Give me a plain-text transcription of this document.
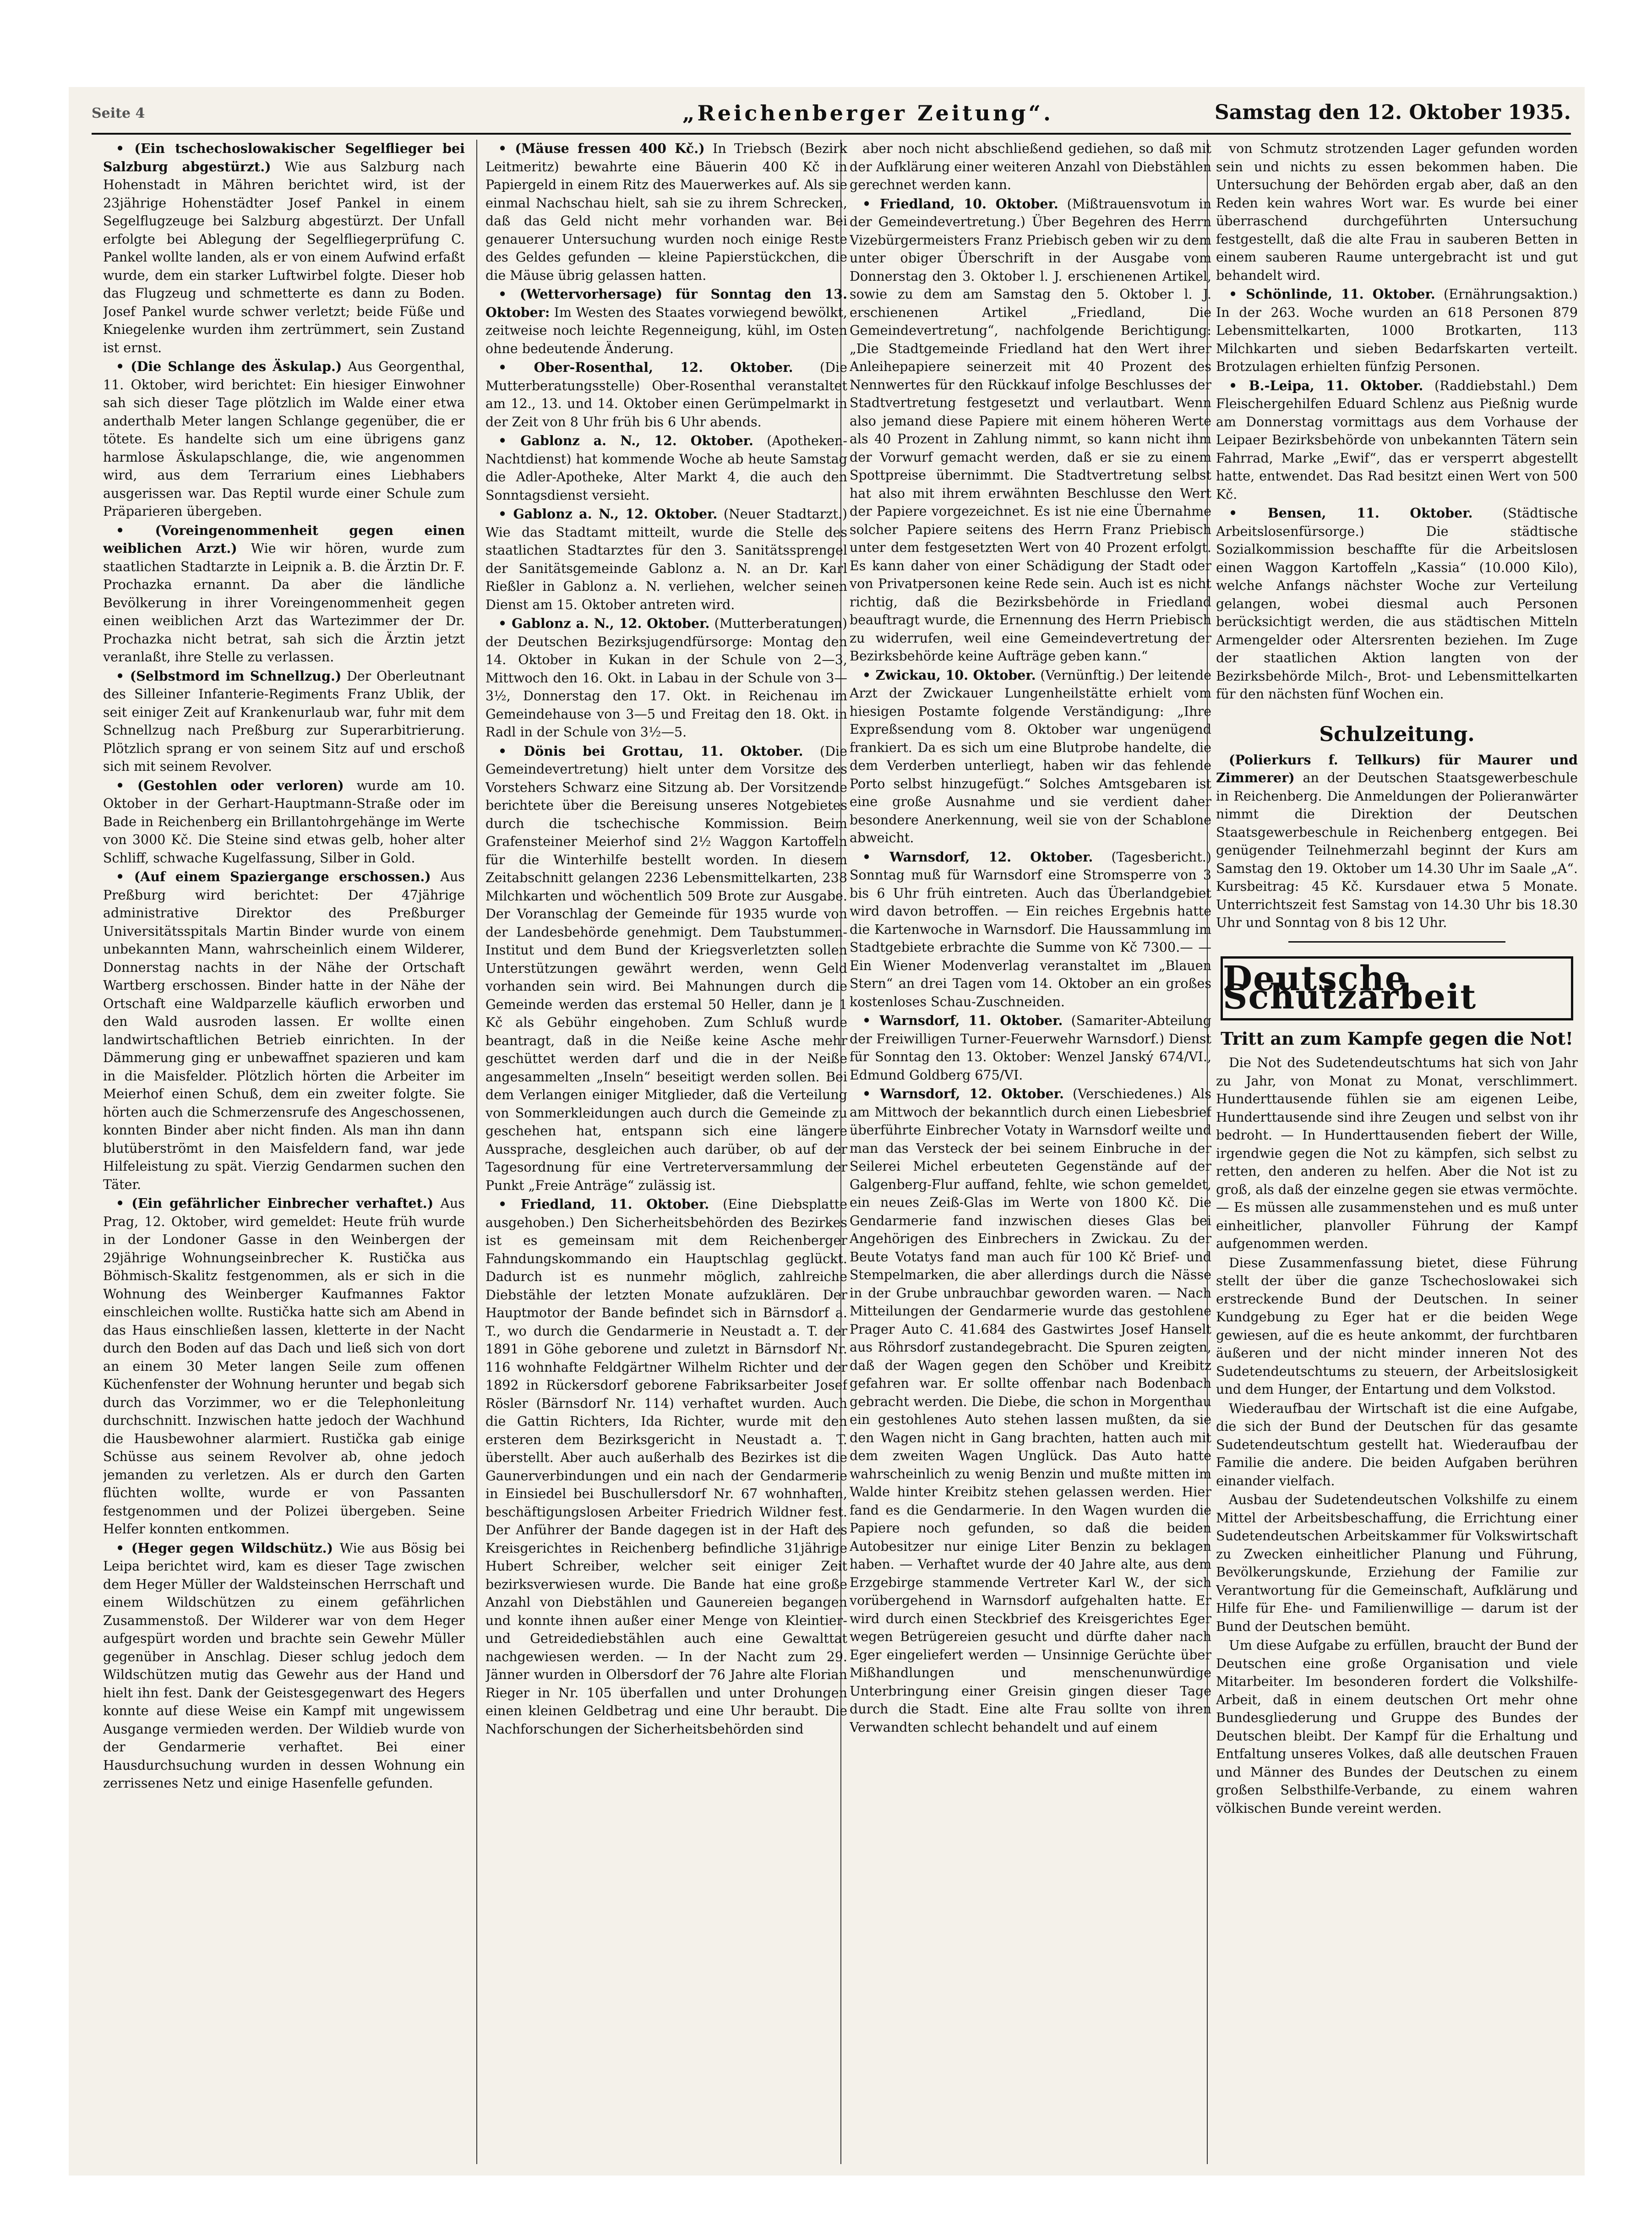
Seite 4	„Reichenberger Zeitung“.	Samstag den 12. Oktober 1935.

• (Ein tschechoslowakischer Segelflieger bei Salzburg abgestürzt.) Wie aus Salzburg nach Hohenstadt in Mähren berichtet wird, ist der 23jährige Hohenstädter Josef Pankel in einem Segelflugzeuge bei Salzburg abgestürzt. Der Unfall erfolgte bei Ablegung der Segelfliegerprüfung C. Pankel wollte landen, als er von einem Aufwind erfaßt wurde, dem ein starker Luftwirbel folgte. Dieser hob das Flugzeug und schmetterte es dann zu Boden. Josef Pankel wurde schwer verletzt; beide Füße und Kniegelenke wurden ihm zertrümmert, sein Zustand ist ernst.

• (Die Schlange des Äskulap.) Aus Georgenthal, 11. Oktober, wird berichtet: Ein hiesiger Einwohner sah sich dieser Tage plötzlich im Walde einer etwa anderthalb Meter langen Schlange gegenüber, die er tötete. Es handelte sich um eine übrigens ganz harmlose Äskulapschlange, die, wie angenommen wird, aus dem Terrarium eines Liebhabers ausgerissen war. Das Reptil wurde einer Schule zum Präparieren übergeben.

• (Voreingenommenheit gegen einen weiblichen Arzt.) Wie wir hören, wurde zum staatlichen Stadtarzte in Leipnik a. B. die Ärztin Dr. F. Prochazka ernannt. Da aber die ländliche Bevölkerung in ihrer Voreingenommenheit gegen einen weiblichen Arzt das Wartezimmer der Dr. Prochazka nicht betrat, sah sich die Ärztin jetzt veranlaßt, ihre Stelle zu verlassen.

• (Selbstmord im Schnellzug.) Der Oberleutnant des Silleiner Infanterie-Regiments Franz Ublik, der seit einiger Zeit auf Krankenurlaub war, fuhr mit dem Schnellzug nach Preßburg zur Superarbitrierung. Plötzlich sprang er von seinem Sitz auf und erschoß sich mit seinem Revolver.

• (Gestohlen oder verloren) wurde am 10. Oktober in der Gerhart-Hauptmann-Straße oder im Bade in Reichenberg ein Brillantohrgehänge im Werte von 3000 Kč. Die Steine sind etwas gelb, hoher alter Schliff, schwache Kugelfassung, Silber in Gold.

• (Auf einem Spaziergange erschossen.) Aus Preßburg wird berichtet: Der 47jährige administrative Direktor des Preßburger Universitätsspitals Martin Binder wurde von einem unbekannten Mann, wahrscheinlich einem Wilderer, Donnerstag nachts in der Nähe der Ortschaft Wartberg erschossen. Binder hatte in der Nähe der Ortschaft eine Waldparzelle käuflich erworben und den Wald ausroden lassen. Er wollte einen landwirtschaftlichen Betrieb einrichten. In der Dämmerung ging er unbewaffnet spazieren und kam in die Maisfelder. Plötzlich hörten die Arbeiter im Meierhof einen Schuß, dem ein zweiter folgte. Sie hörten auch die Schmerzensrufe des Angeschossenen, konnten Binder aber nicht finden. Als man ihn dann blutüberströmt in den Maisfeldern fand, war jede Hilfeleistung zu spät. Vierzig Gendarmen suchen den Täter.

• (Ein gefährlicher Einbrecher verhaftet.) Aus Prag, 12. Oktober, wird gemeldet: Heute früh wurde in der Londoner Gasse in den Weinbergen der 29jährige Wohnungseinbrecher K. Rustička aus Böhmisch-Skalitz festgenommen, als er sich in die Wohnung des Weinberger Kaufmannes Faktor einschleichen wollte. Rustička hatte sich am Abend in das Haus einschließen lassen, kletterte in der Nacht durch den Boden auf das Dach und ließ sich von dort an einem 30 Meter langen Seile zum offenen Küchenfenster der Wohnung herunter und begab sich durch das Vorzimmer, wo er die Telephonleitung durchschnitt. Inzwischen hatte jedoch der Wachhund die Hausbewohner alarmiert. Rustička gab einige Schüsse aus seinem Revolver ab, ohne jedoch jemanden zu verletzen. Als er durch den Garten flüchten wollte, wurde er von Passanten festgenommen und der Polizei übergeben. Seine Helfer konnten entkommen.

• (Heger gegen Wildschütz.) Wie aus Bösig bei Leipa berichtet wird, kam es dieser Tage zwischen dem Heger Müller der Waldsteinschen Herrschaft und einem Wildschützen zu einem gefährlichen Zusammenstoß. Der Wilderer war von dem Heger aufgespürt worden und brachte sein Gewehr Müller gegenüber in Anschlag. Dieser schlug jedoch dem Wildschützen mutig das Gewehr aus der Hand und hielt ihn fest. Dank der Geistesgegenwart des Hegers konnte auf diese Weise ein Kampf mit ungewissem Ausgange vermieden werden. Der Wildieb wurde von der Gendarmerie verhaftet. Bei einer Hausdurchsuchung wurden in dessen Wohnung ein zerrissenes Netz und einige Hasenfelle gefunden.

• (Mäuse fressen 400 Kč.) In Triebsch (Bezirk Leitmeritz) bewahrte eine Bäuerin 400 Kč in Papiergeld in einem Ritz des Mauerwerkes auf. Als sie einmal Nachschau hielt, sah sie zu ihrem Schrecken, daß das Geld nicht mehr vorhanden war. Bei genauerer Untersuchung wurden noch einige Reste des Geldes gefunden — kleine Papierstückchen, die die Mäuse übrig gelassen hatten.

• (Wettervorhersage) für Sonntag den 13. Oktober: Im Westen des Staates vorwiegend bewölkt, zeitweise noch leichte Regenneigung, kühl, im Osten ohne bedeutende Änderung.

• Ober-Rosenthal, 12. Oktober. (Die Mutterberatungsstelle) Ober-Rosenthal veranstaltet am 12., 13. und 14. Oktober einen Gerümpelmarkt in der Zeit von 8 Uhr früh bis 6 Uhr abends.

• Gablonz a. N., 12. Oktober. (Apotheken-Nachtdienst) hat kommende Woche ab heute Samstag die Adler-Apotheke, Alter Markt 4, die auch den Sonntagsdienst versieht.

• Gablonz a. N., 12. Oktober. (Neuer Stadtarzt.) Wie das Stadtamt mitteilt, wurde die Stelle des staatlichen Stadtarztes für den 3. Sanitätssprengel der Sanitätsgemeinde Gablonz a. N. an Dr. Karl Rießler in Gablonz a. N. verliehen, welcher seinen Dienst am 15. Oktober antreten wird.

• Gablonz a. N., 12. Oktober. (Mutterberatungen) der Deutschen Bezirksjugendfürsorge: Montag den 14. Oktober in Kukan in der Schule von 2—3, Mittwoch den 16. Okt. in Labau in der Schule von 3—3½, Donnerstag den 17. Okt. in Reichenau im Gemeindehause von 3—5 und Freitag den 18. Okt. in Radl in der Schule von 3½—5.

• Dönis bei Grottau, 11. Oktober. (Die Gemeindevertretung) hielt unter dem Vorsitze des Vorstehers Schwarz eine Sitzung ab. Der Vorsitzende berichtete über die Bereisung unseres Notgebietes durch die tschechische Kommission. Beim Grafensteiner Meierhof sind 2½ Waggon Kartoffeln für die Winterhilfe bestellt worden. In diesem Zeitabschnitt gelangen 2236 Lebensmittelkarten, 238 Milchkarten und wöchentlich 509 Brote zur Ausgabe. Der Voranschlag der Gemeinde für 1935 wurde von der Landesbehörde genehmigt. Dem Taubstummen-Institut und dem Bund der Kriegsverletzten sollen Unterstützungen gewährt werden, wenn Geld vorhanden sein wird. Bei Mahnungen durch die Gemeinde werden das erstemal 50 Heller, dann je 1 Kč als Gebühr eingehoben. Zum Schluß wurde beantragt, daß in die Neiße keine Asche mehr geschüttet werden darf und die in der Neiße angesammelten „Inseln“ beseitigt werden sollen. Bei dem Verlangen einiger Mitglieder, daß die Verteilung von Sommerkleidungen auch durch die Gemeinde zu geschehen hat, entspann sich eine längere Aussprache, desgleichen auch darüber, ob auf der Tagesordnung für eine Vertreterversammlung der Punkt „Freie Anträge“ zulässig ist.

• Friedland, 11. Oktober. (Eine Diebsplatte ausgehoben.) Den Sicherheitsbehörden des Bezirkes ist es gemeinsam mit dem Reichenberger Fahndungskommando ein Hauptschlag geglückt. Dadurch ist es nunmehr möglich, zahlreiche Diebstähle der letzten Monate aufzuklären. Der Hauptmotor der Bande befindet sich in Bärnsdorf a. T., wo durch die Gendarmerie in Neustadt a. T. der 1891 in Göhe geborene und zuletzt in Bärnsdorf Nr. 116 wohnhafte Feldgärtner Wilhelm Richter und der 1892 in Rückersdorf geborene Fabriksarbeiter Josef Rösler (Bärnsdorf Nr. 114) verhaftet wurden. Auch die Gattin Richters, Ida Richter, wurde mit den ersteren dem Bezirksgericht in Neustadt a. T. überstellt. Aber auch außerhalb des Bezirkes ist die Gaunerverbindungen und ein nach der Gendarmerie in Einsiedel bei Buschullersdorf Nr. 67 wohnhaften, beschäftigungslosen Arbeiter Friedrich Wildner fest. Der Anführer der Bande dagegen ist in der Haft des Kreisgerichtes in Reichenberg befindliche 31jährige Hubert Schreiber, welcher seit einiger Zeit bezirksverwiesen wurde. Die Bande hat eine große Anzahl von Diebstählen und Gaunereien begangen und konnte ihnen außer einer Menge von Kleintier- und Getreidediebstählen auch eine Gewalttat nachgewiesen werden. — In der Nacht zum 29. Jänner wurden in Olbersdorf der 76 Jahre alte Florian Rieger in Nr. 105 überfallen und unter Drohungen einen kleinen Geldbetrag und eine Uhr beraubt. Die Nachforschungen der Sicherheitsbehörden sind

aber noch nicht abschließend gediehen, so daß mit der Aufklärung einer weiteren Anzahl von Diebstählen gerechnet werden kann.

• Friedland, 10. Oktober. (Mißtrauensvotum in der Gemeindevertretung.) Über Begehren des Herrn Vizebürgermeisters Franz Priebisch geben wir zu dem unter obiger Überschrift in der Ausgabe vom Donnerstag den 3. Oktober l. J. erschienenen Artikel, sowie zu dem am Samstag den 5. Oktober l. J. erschienenen Artikel „Friedland, Die Gemeindevertretung“, nachfolgende Berichtigung: „Die Stadtgemeinde Friedland hat den Wert ihrer Anleihepapiere seinerzeit mit 40 Prozent des Nennwertes für den Rückkauf infolge Beschlusses der Stadtvertretung festgesetzt und verlautbart. Wenn also jemand diese Papiere mit einem höheren Werte als 40 Prozent in Zahlung nimmt, so kann nicht ihm der Vorwurf gemacht werden, daß er sie zu einem Spottpreise übernimmt. Die Stadtvertretung selbst hat also mit ihrem erwähnten Beschlusse den Wert der Papiere vorgezeichnet. Es ist nie eine Übernahme solcher Papiere seitens des Herrn Franz Priebisch unter dem festgesetzten Wert von 40 Prozent erfolgt. Es kann daher von einer Schädigung der Stadt oder von Privatpersonen keine Rede sein. Auch ist es nicht richtig, daß die Bezirksbehörde in Friedland beauftragt wurde, die Ernennung des Herrn Priebisch zu widerrufen, weil eine Gemeindevertretung der Bezirksbehörde keine Aufträge geben kann.“

• Zwickau, 10. Oktober. (Vernünftig.) Der leitende Arzt der Zwickauer Lungenheilstätte erhielt vom hiesigen Postamte folgende Verständigung: „Ihre Expreßsendung vom 8. Oktober war ungenügend frankiert. Da es sich um eine Blutprobe handelte, die dem Verderben unterliegt, haben wir das fehlende Porto selbst hinzugefügt.“ Solches Amtsgebaren ist eine große Ausnahme und sie verdient daher besondere Anerkennung, weil sie von der Schablone abweicht.

• Warnsdorf, 12. Oktober. (Tagesbericht.) Sonntag muß für Warnsdorf eine Stromsperre von 3 bis 6 Uhr früh eintreten. Auch das Überlandgebiet wird davon betroffen. — Ein reiches Ergebnis hatte die Kartenwoche in Warnsdorf. Die Haussammlung im Stadtgebiete erbrachte die Summe von Kč 7300.— — Ein Wiener Modenverlag veranstaltet im „Blauen Stern“ an drei Tagen vom 14. Oktober an ein großes kostenloses Schau-Zuschneiden.

• Warnsdorf, 11. Oktober. (Samariter-Abteilung der Freiwilligen Turner-Feuerwehr Warnsdorf.) Dienst für Sonntag den 13. Oktober: Wenzel Janský 674/VI., Edmund Goldberg 675/VI.

• Warnsdorf, 12. Oktober. (Verschiedenes.) Als am Mittwoch der bekanntlich durch einen Liebesbrief überführte Einbrecher Votaty in Warnsdorf weilte und man das Versteck der bei seinem Einbruche in der Seilerei Michel erbeuteten Gegenstände auf der Galgenberg-Flur auffand, fehlte, wie schon gemeldet, ein neues Zeiß-Glas im Werte von 1800 Kč. Die Gendarmerie fand inzwischen dieses Glas bei Angehörigen des Einbrechers in Zwickau. Zu der Beute Votatys fand man auch für 100 Kč Brief- und Stempelmarken, die aber allerdings durch die Nässe in der Grube unbrauchbar geworden waren. — Nach Mitteilungen der Gendarmerie wurde das gestohlene Prager Auto C. 41.684 des Gastwirtes Josef Hanselt aus Röhrsdorf zustandegebracht. Die Spuren zeigten, daß der Wagen gegen den Schöber und Kreibitz gefahren war. Er sollte offenbar nach Bodenbach gebracht werden. Die Diebe, die schon in Morgenthau ein gestohlenes Auto stehen lassen mußten, da sie den Wagen nicht in Gang brachten, hatten auch mit dem zweiten Wagen Unglück. Das Auto hatte wahrscheinlich zu wenig Benzin und mußte mitten im Walde hinter Kreibitz stehen gelassen werden. Hier fand es die Gendarmerie. In den Wagen wurden die Papiere noch gefunden, so daß die beiden Autobesitzer nur einige Liter Benzin zu beklagen haben. — Verhaftet wurde der 40 Jahre alte, aus dem Erzgebirge stammende Vertreter Karl W., der sich vorübergehend in Warnsdorf aufgehalten hatte. Er wird durch einen Steckbrief des Kreisgerichtes Eger wegen Betrügereien gesucht und dürfte daher nach Eger eingeliefert werden — Unsinnige Gerüchte über Mißhandlungen und menschenunwürdige Unterbringung einer Greisin gingen dieser Tage durch die Stadt. Eine alte Frau sollte von ihren Verwandten schlecht behandelt und auf einem

von Schmutz strotzenden Lager gefunden worden sein und nichts zu essen bekommen haben. Die Untersuchung der Behörden ergab aber, daß an den Reden kein wahres Wort war. Es wurde bei einer überraschend durchgeführten Untersuchung festgestellt, daß die alte Frau in sauberen Betten in einem sauberen Raume untergebracht ist und gut behandelt wird.

• Schönlinde, 11. Oktober. (Ernährungsaktion.) In der 263. Woche wurden an 618 Personen 879 Lebensmittelkarten, 1000 Brotkarten, 113 Milchkarten und sieben Bedarfskarten verteilt. Brotzulagen erhielten fünfzig Personen.

• B.-Leipa, 11. Oktober. (Raddiebstahl.) Dem Fleischergehilfen Eduard Schlenz aus Pießnig wurde am Donnerstag vormittags aus dem Vorhause der Leipaer Bezirksbehörde von unbekannten Tätern sein Fahrrad, Marke „Ewif“, das er versperrt abgestellt hatte, entwendet. Das Rad besitzt einen Wert von 500 Kč.

• Bensen, 11. Oktober. (Städtische Arbeitslosenfürsorge.) Die städtische Sozialkommission beschaffte für die Arbeitslosen einen Waggon Kartoffeln „Kassia“ (10.000 Kilo), welche Anfangs nächster Woche zur Verteilung gelangen, wobei diesmal auch Personen berücksichtigt werden, die aus städtischen Mitteln Armengelder oder Altersrenten beziehen. Im Zuge der staatlichen Aktion langten von der Bezirksbehörde Milch-, Brot- und Lebensmittelkarten für den nächsten fünf Wochen ein.

Schulzeitung.

(Polierkurs f. Tellkurs) für Maurer und Zimmerer) an der Deutschen Staatsgewerbeschule in Reichenberg. Die Anmeldungen der Polieranwärter nimmt die Direktion der Deutschen Staatsgewerbeschule in Reichenberg entgegen. Bei genügender Teilnehmerzahl beginnt der Kurs am Samstag den 19. Oktober um 14.30 Uhr im Saale „A“. Kursbeitrag: 45 Kč. Kursdauer etwa 5 Monate. Unterrichtszeit fest Samstag von 14.30 Uhr bis 18.30 Uhr und Sonntag von 8 bis 12 Uhr.

Deutsche Schutzarbeit
Tritt an zum Kampfe gegen die Not!

Die Not des Sudetendeutschtums hat sich von Jahr zu Jahr, von Monat zu Monat, verschlimmert. Hunderttausende fühlen sie am eigenen Leibe, Hunderttausende sind ihre Zeugen und selbst von ihr bedroht. — In Hunderttausenden fiebert der Wille, irgendwie gegen die Not zu kämpfen, sich selbst zu retten, den anderen zu helfen. Aber die Not ist zu groß, als daß der einzelne gegen sie etwas vermöchte. — Es müssen alle zusammenstehen und es muß unter einheitlicher, planvoller Führung der Kampf aufgenommen werden.

Diese Zusammenfassung bietet, diese Führung stellt der über die ganze Tschechoslowakei sich erstreckende Bund der Deutschen. In seiner Kundgebung zu Eger hat er die beiden Wege gewiesen, auf die es heute ankommt, der furchtbaren äußeren und der nicht minder inneren Not des Sudetendeutschtums zu steuern, der Arbeitslosigkeit und dem Hunger, der Entartung und dem Volkstod.

Wiederaufbau der Wirtschaft ist die eine Aufgabe, die sich der Bund der Deutschen für das gesamte Sudetendeutschtum gestellt hat. Wiederaufbau der Familie die andere. Die beiden Aufgaben berühren einander vielfach.

Ausbau der Sudetendeutschen Volkshilfe zu einem Mittel der Arbeitsbeschaffung, die Errichtung einer Sudetendeutschen Arbeitskammer für Volkswirtschaft zu Zwecken einheitlicher Planung und Führung, Bevölkerungskunde, Erziehung der Familie zur Verantwortung für die Gemeinschaft, Aufklärung und Hilfe für Ehe- und Familienwillige — darum ist der Bund der Deutschen bemüht.

Um diese Aufgabe zu erfüllen, braucht der Bund der Deutschen eine große Organisation und viele Mitarbeiter. Im besonderen fordert die Volkshilfe-Arbeit, daß in einem deutschen Ort mehr ohne Bundesgliederung und Gruppe des Bundes der Deutschen bleibt. Der Kampf für die Erhaltung und Entfaltung unseres Volkes, daß alle deutschen Frauen und Männer des Bundes der Deutschen zu einem großen Selbsthilfe-Verbande, zu einem wahren völkischen Bunde vereint werden.
